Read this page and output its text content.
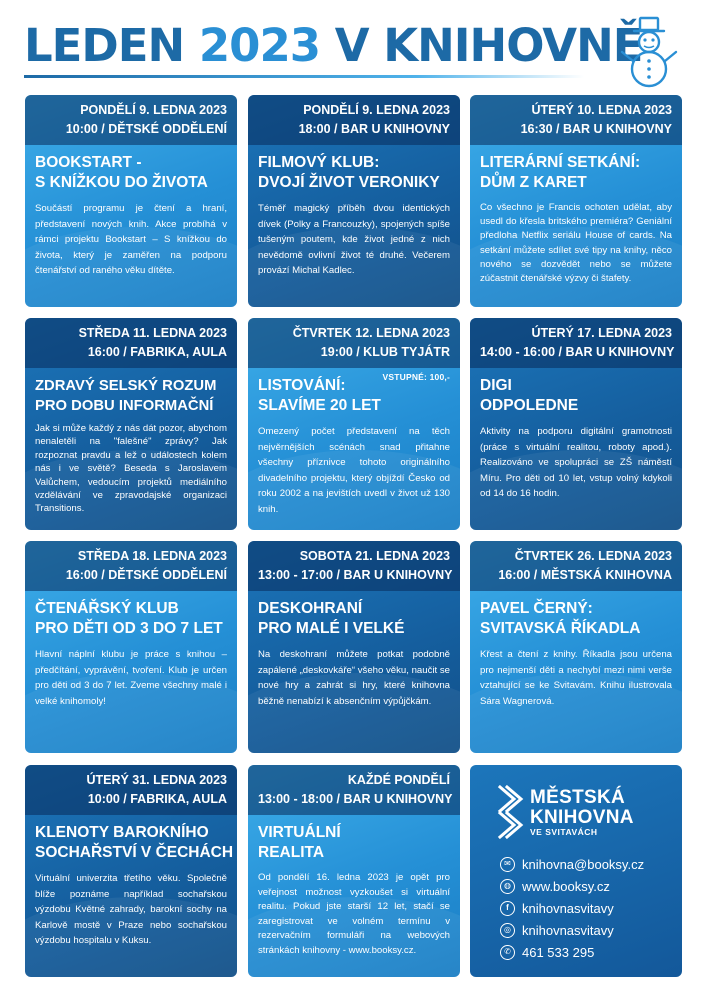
LEDEN 2023 V KNIHOVNĚ
PONDĚLÍ 9. LEDNA 2023
10:00 / DĚTSKÉ ODDĚLENÍ
BOOKSTART -
S KNÍŽKOU DO ŽIVOTA
Součástí programu je čtení a hraní, představení nových knih. Akce probíhá v rámci projektu Bookstart – S knížkou do života, který je zaměřen na podporu čtenářství od raného věku dítěte.
PONDĚLÍ 9. LEDNA 2023
18:00 / BAR U KNIHOVNY
FILMOVÝ KLUB:
DVOJÍ ŽIVOT VERONIKY
Téměř magický příběh dvou identických dívek (Polky a Francouzky), spojených spíše tušeným poutem, kde život jedné z nich nevědomě ovlivní život té druhé. Večerem provází Michal Kadlec.
ÚTERÝ 10. LEDNA 2023
16:30 / BAR U KNIHOVNY
LITERÁRNÍ SETKÁNÍ:
DŮM Z KARET
Co všechno je Francis ochoten udělat, aby usedl do křesla britského premiéra? Geniální předloha Netflix seriálu House of cards. Na setkání můžete sdílet své tipy na knihy, něco nového se dozvědět nebo se můžete zúčastnit čtenářské výzvy či štafety.
STŘEDA 11. LEDNA 2023
16:00 / FABRIKA, AULA
ZDRAVÝ SELSKÝ ROZUM
PRO DOBU INFORMAČNÍ
Jak si může každý z nás dát pozor, abychom nenaletěli na "falešné" zprávy? Jak rozpoznat pravdu a lež o událostech kolem nás i ve světě? Beseda s Jaroslavem Valůchem, vedoucím projektů mediálního vzdělávání ve zpravodajské organizaci Transitions.
ČTVRTEK 12. LEDNA 2023
19:00 / KLUB TYJÁTR
VSTUPNÉ: 100,-
LISTOVÁNÍ:
SLAVÍME 20 LET
Omezený počet představení na těch nejvěrnějších scénách snad přitahne všechny příznivce tohoto originálního divadelního projektu, který objíždí Česko od roku 2002 a na jevištích uvedl v život už 130 knih.
ÚTERÝ 17. LEDNA 2023
14:00 - 16:00 / BAR U KNIHOVNY
DIGI
ODPOLEDNE
Aktivity na podporu digitální gramotnosti (práce s virtuální realitou, roboty apod.). Realizováno ve spolupráci se ZŠ náměstí Míru. Pro děti od 10 let, vstup volný kdykoli od 14 do 16 hodin.
STŘEDA 18. LEDNA 2023
16:00 / DĚTSKÉ ODDĚLENÍ
ČTENÁŘSKÝ KLUB
PRO DĚTI OD 3 DO 7 LET
Hlavní náplní klubu je práce s knihou – předčítání, vyprávění, tvoření. Klub je určen pro děti od 3 do 7 let. Zveme všechny malé i velké knihomoly!
SOBOTA 21. LEDNA 2023
13:00 - 17:00 / BAR U KNIHOVNY
DESKOHRANÍ
PRO MALÉ I VELKÉ
Na deskohraní můžete potkat podobně zapálené „deskovkáře“ všeho věku, naučit se nové hry a zahrát si hry, které knihovna běžně nenabízí k absenčním výpůjčkám.
ČTVRTEK 26. LEDNA 2023
16:00 / MĚSTSKÁ KNIHOVNA
PAVEL ČERNÝ:
SVITAVSKÁ ŘÍKADLA
Křest a čtení z knihy. Říkadla jsou určena pro nejmenší děti a nechybí mezi nimi verše vztahující se ke Svitavám. Knihu ilustrovala Sára Wagnerová.
ÚTERÝ 31. LEDNA 2023
10:00 / FABRIKA, AULA
KLENOTY BAROKNÍHO
SOCHAŘSTVÍ V ČECHÁCH
Virtuální univerzita třetího věku. Společně blíže poznáme například sochařskou výzdobu Květné zahrady, barokní sochy na Karlově mostě v Praze nebo sochařskou výzdobu hospitalu v Kuksu.
KAŽDÉ PONDĚLÍ
13:00 - 18:00 / BAR U KNIHOVNY
VIRTUÁLNÍ
REALITA
Od pondělí 16. ledna 2023 je opět pro veřejnost možnost vyzkoušet si virtuální realitu. Pokud jste starší 12 let, stačí se zaregistrovat ve volném termínu v rezervačním formuláři na webových stránkách knihovny - www.booksy.cz.
MĚSTSKÁ
KNIHOVNA
VE SVITAVÁCH
✉ knihovna@booksy.cz
◍ www.booksy.cz
f	knihovnasvitavy
◎ knihovnasvitavy
✆ 461 533 295
